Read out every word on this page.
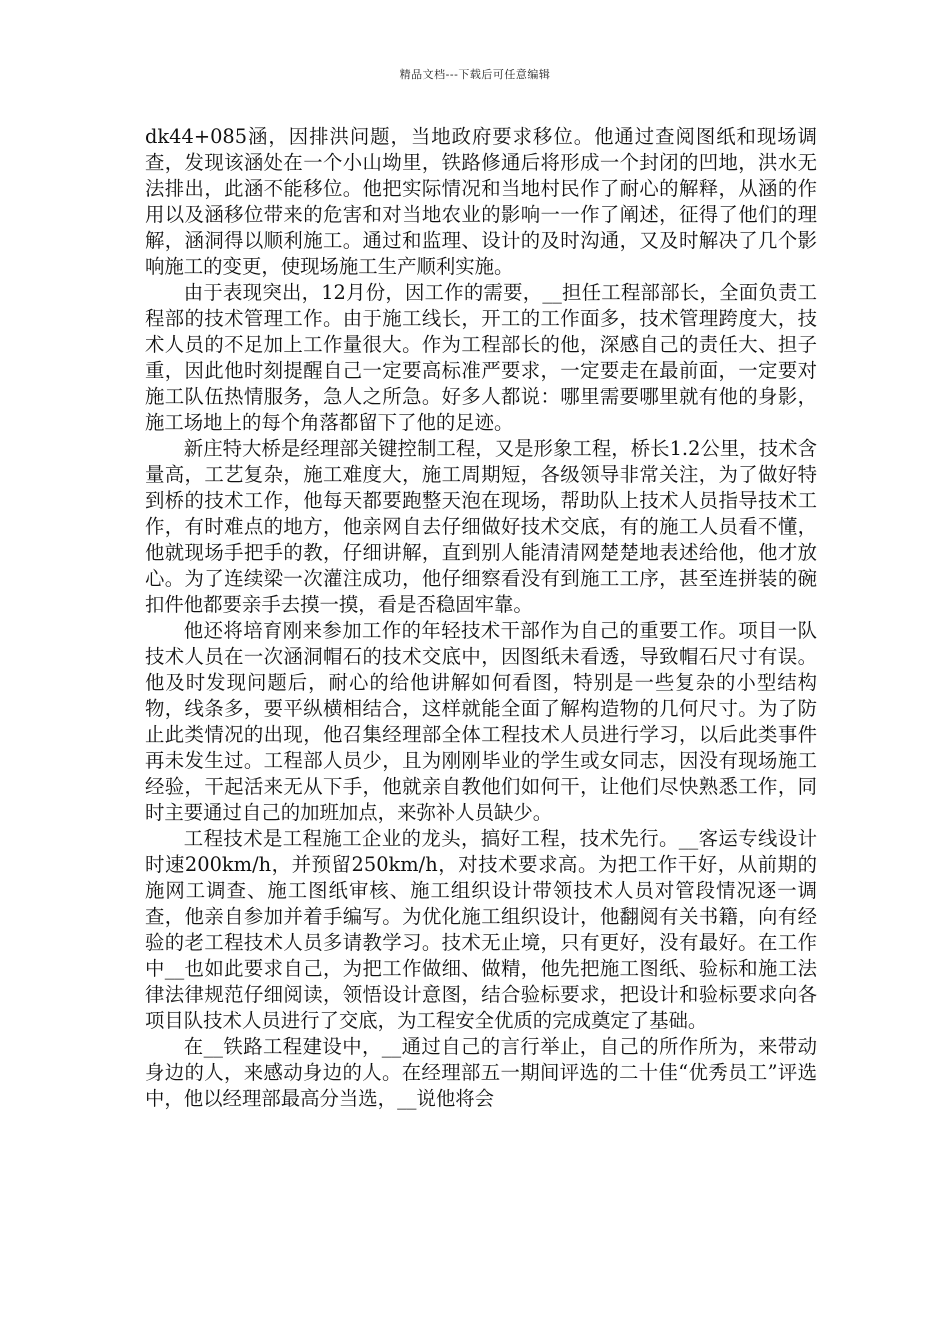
精品文档---下载后可任意编辑

dk44+085涵，因排洪问题，当地政府要求移位。他通过查阅图纸和现场调查，发现该涵处在一个小山坳里，铁路修通后将形成一个封闭的凹地，洪水无法排出，此涵不能移位。他把实际情况和当地村民作了耐心的解释，从涵的作用以及涵移位带来的危害和对当地农业的影响一一作了阐述，征得了他们的理解，涵洞得以顺利施工。通过和监理、设计的及时沟通，又及时解决了几个影响施工的变更，使现场施工生产顺利实施。

由于表现突出，12月份，因工作的需要，__担任工程部部长，全面负责工程部的技术管理工作。由于施工线长，开工的工作面多，技术管理跨度大，技术人员的不足加上工作量很大。作为工程部长的他，深感自己的责任大、担子重，因此他时刻提醒自己一定要高标准严要求，一定要走在最前面，一定要对施工队伍热情服务，急人之所急。好多人都说：哪里需要哪里就有他的身影，施工场地上的每个角落都留下了他的足迹。

新庄特大桥是经理部关键控制工程，又是形象工程，桥长1.2公里，技术含量高，工艺复杂，施工难度大，施工周期短，各级领导非常关注，为了做好特到桥的技术工作，他每天都要跑整天泡在现场，帮助队上技术人员指导技术工作，有时难点的地方，他亲网自去仔细做好技术交底，有的施工人员看不懂，他就现场手把手的教，仔细讲解，直到别人能清清网楚楚地表述给他，他才放心。为了连续梁一次灌注成功，他仔细察看没有到施工工序，甚至连拼装的碗扣件他都要亲手去摸一摸，看是否稳固牢靠。

他还将培育刚来参加工作的年轻技术干部作为自己的重要工作。项目一队技术人员在一次涵洞帽石的技术交底中，因图纸未看透，导致帽石尺寸有误。他及时发现问题后，耐心的给他讲解如何看图，特别是一些复杂的小型结构物，线条多，要平纵横相结合，这样就能全面了解构造物的几何尺寸。为了防止此类情况的出现，他召集经理部全体工程技术人员进行学习，以后此类事件再未发生过。工程部人员少，且为刚刚毕业的学生或女同志，因没有现场施工经验，干起活来无从下手，他就亲自教他们如何干，让他们尽快熟悉工作，同时主要通过自己的加班加点，来弥补人员缺少。

工程技术是工程施工企业的龙头，搞好工程，技术先行。__客运专线设计时速200km/h，并预留250km/h，对技术要求高。为把工作干好，从前期的施网工调查、施工图纸审核、施工组织设计带领技术人员对管段情况逐一调查，他亲自参加并着手编写。为优化施工组织设计，他翻阅有关书籍，向有经验的老工程技术人员多请教学习。技术无止境，只有更好，没有最好。在工作中__也如此要求自己，为把工作做细、做精，他先把施工图纸、验标和施工法律法律规范仔细阅读，领悟设计意图，结合验标要求，把设计和验标要求向各项目队技术人员进行了交底，为工程安全优质的完成奠定了基础。

在__铁路工程建设中，__通过自己的言行举止，自己的所作所为，来带动身边的人，来感动身边的人。在经理部五一期间评选的二十佳“优秀员工”评选中，他以经理部最高分当选，__说他将会
